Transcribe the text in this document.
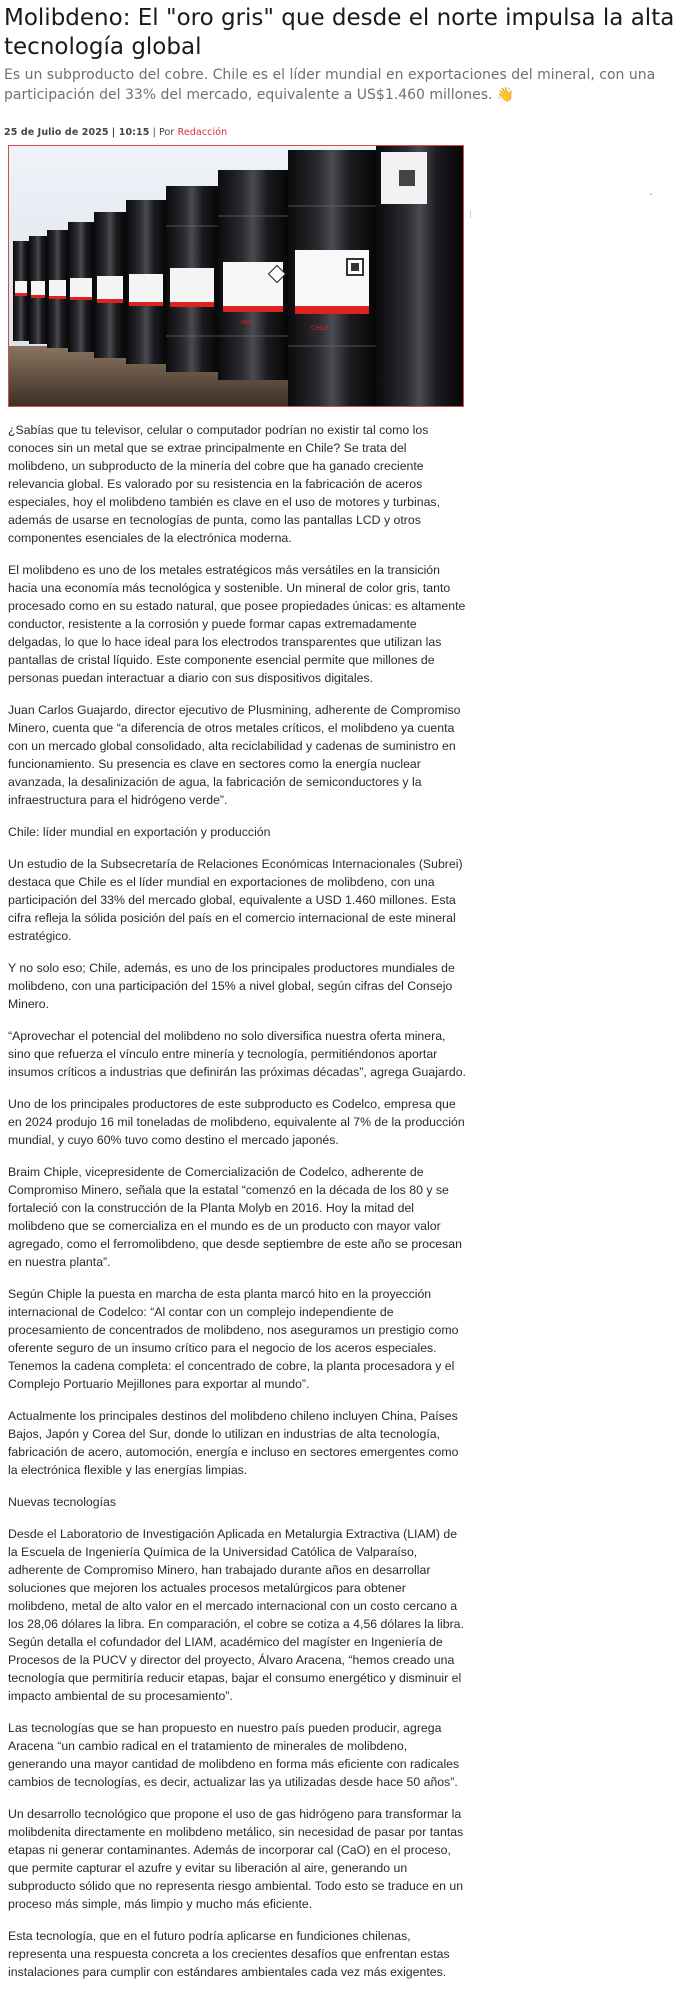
Molibdeno: El "oro gris" que desde el norte impulsa la alta tecnología global

Es un subproducto del cobre. Chile es el líder mundial en exportaciones del mineral, con una participación del 33% del mercado, equivalente a US$1.460 millones. 👋

25 de Julio de 2025 | 10:15 | Por Redacción
CHILE
PAÍS

¿Sabías que tu televisor, celular o computador podrían no existir tal como los conoces sin un metal que se extrae principalmente en Chile? Se trata del molibdeno, un subproducto de la minería del cobre que ha ganado creciente relevancia global. Es valorado por su resistencia en la fabricación de aceros especiales, hoy el molibdeno también es clave en el uso de motores y turbinas, además de usarse en tecnologías de punta, como las pantallas LCD y otros componentes esenciales de la electrónica moderna.

El molibdeno es uno de los metales estratégicos más versátiles en la transición hacia una economía más tecnológica y sostenible. Un mineral de color gris, tanto procesado como en su estado natural, que posee propiedades únicas: es altamente conductor, resistente a la corrosión y puede formar capas extremadamente delgadas, lo que lo hace ideal para los electrodos transparentes que utilizan las pantallas de cristal líquido. Este componente esencial permite que millones de personas puedan interactuar a diario con sus dispositivos digitales.

Juan Carlos Guajardo, director ejecutivo de Plusmining, adherente de Compromiso Minero, cuenta que “a diferencia de otros metales críticos, el molibdeno ya cuenta con un mercado global consolidado, alta reciclabilidad y cadenas de suministro en funcionamiento. Su presencia es clave en sectores como la energía nuclear avanzada, la desalinización de agua, la fabricación de semiconductores y la infraestructura para el hidrógeno verde”.

Chile: líder mundial en exportación y producción

Un estudio de la Subsecretaría de Relaciones Económicas Internacionales (Subrei) destaca que Chile es el líder mundial en exportaciones de molibdeno, con una participación del 33% del mercado global, equivalente a USD 1.460 millones. Esta cifra refleja la sólida posición del país en el comercio internacional de este mineral estratégico.

Y no solo eso; Chile, además, es uno de los principales productores mundiales de molibdeno, con una participación del 15% a nivel global, según cifras del Consejo Minero.

“Aprovechar el potencial del molibdeno no solo diversifica nuestra oferta minera, sino que refuerza el vínculo entre minería y tecnología, permitiéndonos aportar insumos críticos a industrias que definirán las próximas décadas”, agrega Guajardo.

Uno de los principales productores de este subproducto es Codelco, empresa que en 2024 produjo 16 mil toneladas de molibdeno, equivalente al 7% de la producción mundial, y cuyo 60% tuvo como destino el mercado japonés.

Braim Chiple, vicepresidente de Comercialización de Codelco, adherente de Compromiso Minero, señala que la estatal “comenzó en la década de los 80 y se fortaleció con la construcción de la Planta Molyb en 2016. Hoy la mitad del molibdeno que se comercializa en el mundo es de un producto con mayor valor agregado, como el ferromolibdeno, que desde septiembre de este año se procesan en nuestra planta”.

Según Chiple la puesta en marcha de esta planta marcó hito en la proyección internacional de Codelco: “Al contar con un complejo independiente de procesamiento de concentrados de molibdeno, nos aseguramos un prestigio como oferente seguro de un insumo crítico para el negocio de los aceros especiales. Tenemos la cadena completa: el concentrado de cobre, la planta procesadora y el Complejo Portuario Mejillones para exportar al mundo”.

Actualmente los principales destinos del molibdeno chileno incluyen China, Países Bajos, Japón y Corea del Sur, donde lo utilizan en industrias de alta tecnología, fabricación de acero, automoción, energía e incluso en sectores emergentes como la electrónica flexible y las energías limpias.

Nuevas tecnologías

Desde el Laboratorio de Investigación Aplicada en Metalurgia Extractiva (LIAM) de la Escuela de Ingeniería Química de la Universidad Católica de Valparaíso, adherente de Compromiso Minero, han trabajado durante años en desarrollar soluciones que mejoren los actuales procesos metalúrgicos para obtener molibdeno, metal de alto valor en el mercado internacional con un costo cercano a los 28,06 dólares la libra. En comparación, el cobre se cotiza a 4,56 dólares la libra. Según detalla el cofundador del LIAM, académico del magíster en Ingeniería de Procesos de la PUCV y director del proyecto, Álvaro Aracena, “hemos creado una tecnología que permitiría reducir etapas, bajar el consumo energético y disminuir el impacto ambiental de su procesamiento”.

Las tecnologías que se han propuesto en nuestro país pueden producir, agrega Aracena “un cambio radical en el tratamiento de minerales de molibdeno, generando una mayor cantidad de molibdeno en forma más eficiente con radicales cambios de tecnologías, es decir, actualizar las ya utilizadas desde hace 50 años”.

Un desarrollo tecnológico que propone el uso de gas hidrógeno para transformar la molibdenita directamente en molibdeno metálico, sin necesidad de pasar por tantas etapas ni generar contaminantes. Además de incorporar cal (CaO) en el proceso, que permite capturar el azufre y evitar su liberación al aire, generando un subproducto sólido que no representa riesgo ambiental. Todo esto se traduce en un proceso más simple, más limpio y mucho más eficiente.

Esta tecnología, que en el futuro podría aplicarse en fundiciones chilenas, representa una respuesta concreta a los crecientes desafíos que enfrentan estas instalaciones para cumplir con estándares ambientales cada vez más exigentes.
